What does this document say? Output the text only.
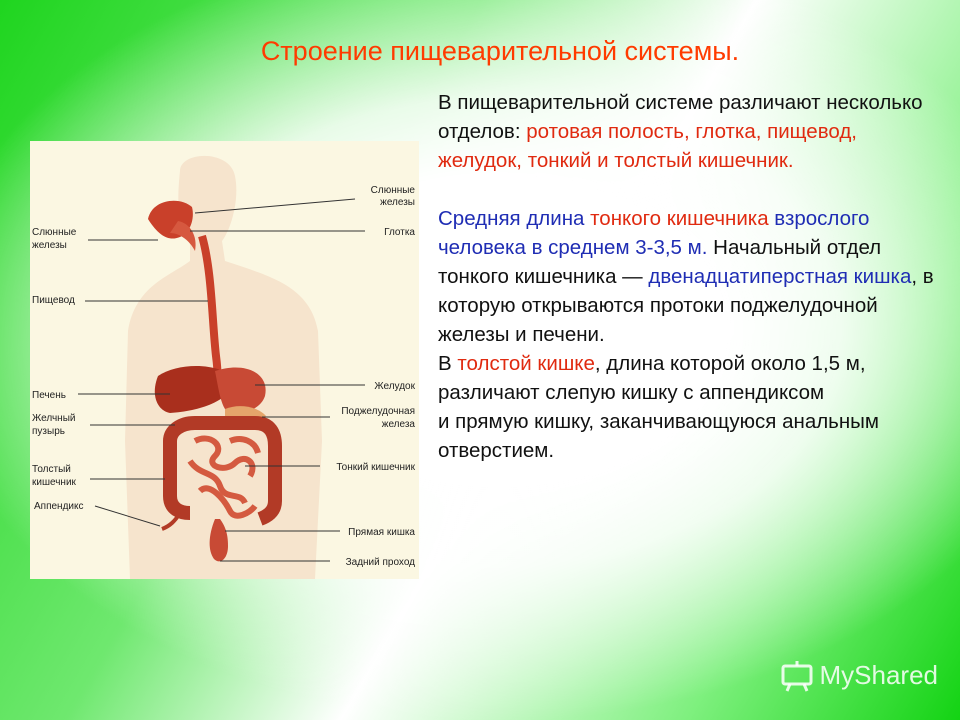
Строение пищеварительной системы.
Слюнные
железы
Глотка
Слюнные
железы
Пищевод
Желудок
Печень
Поджелудочная
железа
Желчный
пузырь
Тонкий кишечник
Толстый
кишечник
Аппендикс
Прямая кишка
Задний проход

В пищеварительной системе различают несколько отделов: ротовая полость, глотка, пищевод, желудок, тонкий и толстый кишечник.

Средняя длина тонкого кишечника взрослого человека в среднем 3-3,5 м. Начальный отдел тонкого кишечника — двенадцатиперстная кишка, в которую открываются протоки поджелудочной железы и печени.

В толстой кишке, длина которой около 1,5 м, различают слепую кишку с аппендиксом

и прямую кишку, заканчивающуюся анальным отверстием.

MyShared
